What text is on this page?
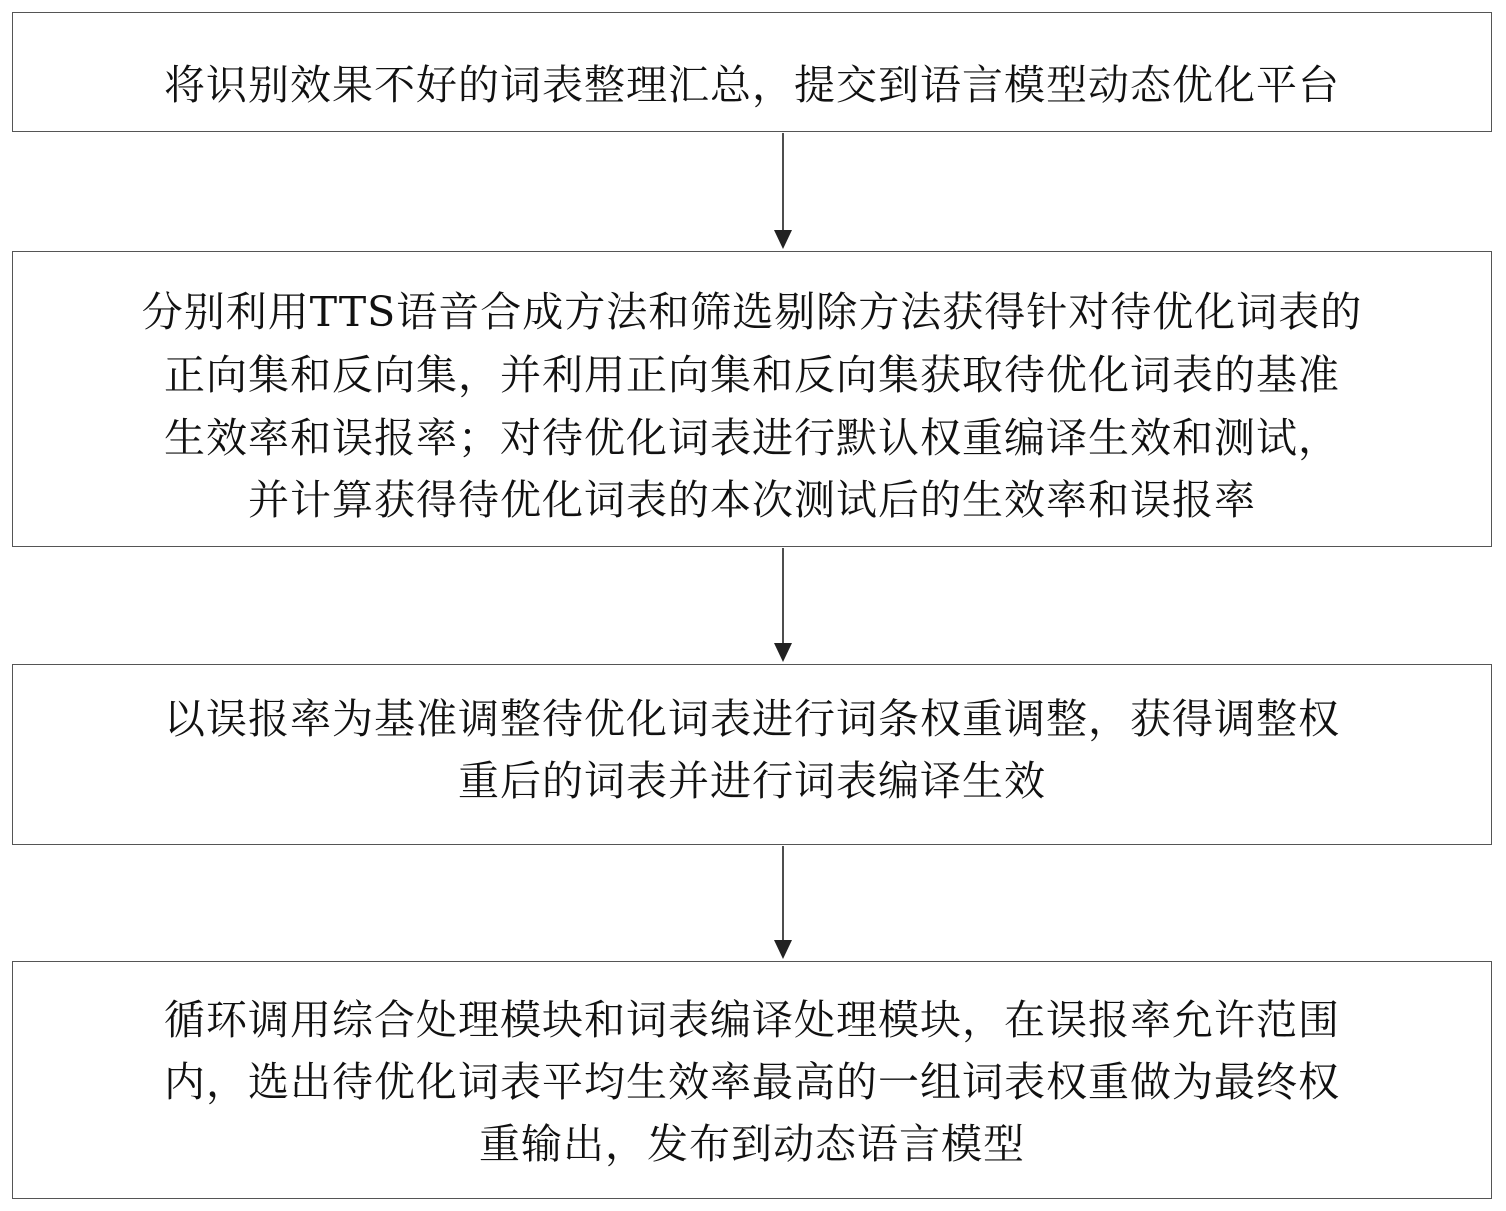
将识别效果不好的词表整理汇总，提交到语言模型动态优化平台
分别利用TTS语音合成方法和筛选剔除方法获得针对待优化词表的
正向集和反向集，并利用正向集和反向集获取待优化词表的基准
生效率和误报率；对待优化词表进行默认权重编译生效和测试，
并计算获得待优化词表的本次测试后的生效率和误报率
以误报率为基准调整待优化词表进行词条权重调整，获得调整权
重后的词表并进行词表编译生效
循环调用综合处理模块和词表编译处理模块，在误报率允许范围
内，选出待优化词表平均生效率最高的一组词表权重做为最终权
重输出，发布到动态语言模型
